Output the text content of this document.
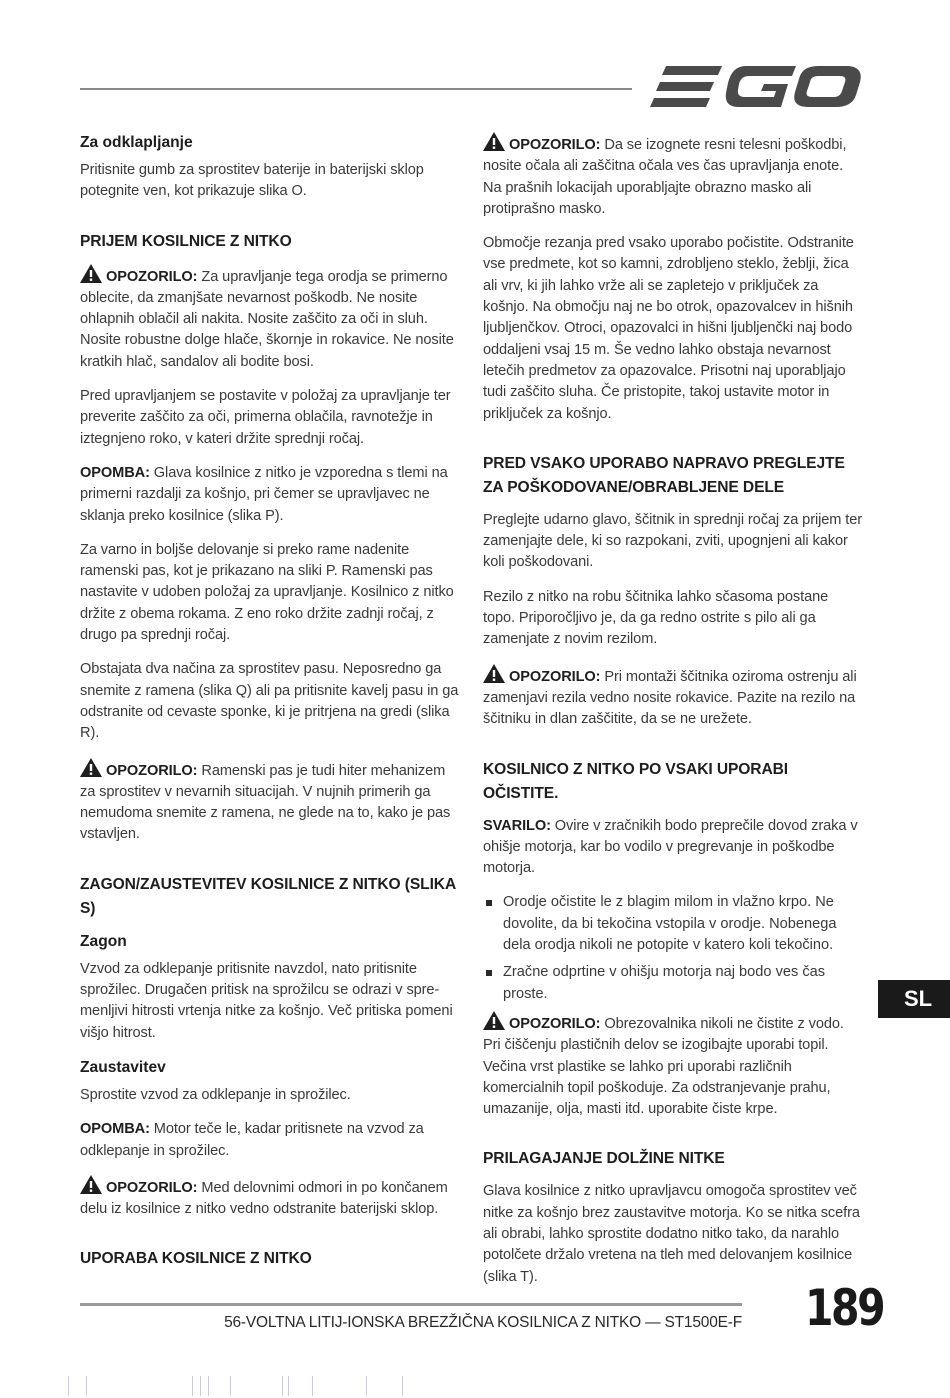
Za odklapljanje

Pritisnite gumb za sprostitev baterije in baterijski sklop potegnite ven, kot prikazuje slika O.

PRIJEM KOSILNICE Z NITKO

OPOZORILO: Za upravljanje tega orodja se primerno oblecite, da zmanjšate nevarnost poškodb. Ne nosite ohlapnih oblačil ali nakita. Nosite zaščito za oči in sluh. Nosite robustne dolge hlače, škornje in rokavice. Ne nosite kratkih hlač, sandalov ali bodite bosi.

Pred upravljanjem se postavite v položaj za upravljanje ter preverite zaščito za oči, primerna oblačila, ravnotežje in iztegnjeno roko, v kateri držite sprednji ročaj.

OPOMBA: Glava kosilnice z nitko je vzporedna s tlemi na primerni razdalji za košnjo, pri čemer se upravljavec ne sklanja preko kosilnice (slika P).

Za varno in boljše delovanje si preko rame nadenite ramenski pas, kot je prikazano na sliki P. Ramenski pas nastavite v udoben položaj za upravljanje. Kosilnico z nitko držite z obema rokama. Z eno roko držite zadnji ročaj, z drugo pa sprednji ročaj.

Obstajata dva načina za sprostitev pasu. Neposredno ga snemite z ramena (slika Q) ali pa pritisnite kavelj pasu in ga odstranite od cevaste sponke, ki je pritrjena na gredi (slika R).

OPOZORILO: Ramenski pas je tudi hiter mehanizem za sprostitev v nevarnih situacijah. V nujnih primerih ga nemudoma snemite z ramena, ne glede na to, kako je pas vstavljen.

ZAGON/ZAUSTEVITEV KOSILNICE Z NITKO (SLIKA S)
Zagon

Vzvod za odklepanje pritisnite navzdol, nato pritisnite sprožilec. Drugačen pritisk na sprožilcu se odrazi v spre-menljivi hitrosti vrtenja nitke za košnjo. Več pritiska pomeni višjo hitrost.

Zaustavitev

Sprostite vzvod za odklepanje in sprožilec.

OPOMBA: Motor teče le, kadar pritisnete na vzvod za odklepanje in sprožilec.

OPOZORILO: Med delovnimi odmori in po končanem delu iz kosilnice z nitko vedno odstranite baterijski sklop.

UPORABA KOSILNICE Z NITKO

OPOZORILO: Da se izognete resni telesni poškodbi, nosite očala ali zaščitna očala ves čas upravljanja enote. Na prašnih lokacijah uporabljajte obrazno masko ali protiprašno masko.

Območje rezanja pred vsako uporabo počistite. Odstranite vse predmete, kot so kamni, zdrobljeno steklo, žeblji, žica ali vrv, ki jih lahko vrže ali se zapletejo v priključek za košnjo. Na območju naj ne bo otrok, opazovalcev in hišnih ljubljenčkov. Otroci, opazovalci in hišni ljubljenčki naj bodo oddaljeni vsaj 15 m. Še vedno lahko obstaja nevarnost letečih predmetov za opazovalce. Prisotni naj uporabljajo tudi zaščito sluha. Če pristopite, takoj ustavite motor in priključek za košnjo.

PRED VSAKO UPORABO NAPRAVO PREGLEJTE ZA POŠKODOVANE/OBRABLJENE DELE

Preglejte udarno glavo, ščitnik in sprednji ročaj za prijem ter zamenjajte dele, ki so razpokani, zviti, upognjeni ali kakor koli poškodovani.

Rezilo z nitko na robu ščitnika lahko sčasoma postane topo. Priporočljivo je, da ga redno ostrite s pilo ali ga zamenjate z novim rezilom.

OPOZORILO: Pri montaži ščitnika oziroma ostrenju ali zamenjavi rezila vedno nosite rokavice. Pazite na rezilo na ščitniku in dlan zaščitite, da se ne urežete.

KOSILNICO Z NITKO PO VSAKI UPORABI OČISTITE.

SVARILO: Ovire v zračnikih bodo preprečile dovod zraka v ohišje motorja, kar bo vodilo v pregrevanje in poškodbe motorja.

Orodje očistite le z blagim milom in vlažno krpo. Ne dovolite, da bi tekočina vstopila v orodje. Nobenega dela orodja nikoli ne potopite v katero koli tekočino.
Zračne odprtine v ohišju motorja naj bodo ves čas proste.

OPOZORILO: Obrezovalnika nikoli ne čistite z vodo. Pri čiščenju plastičnih delov se izogibajte uporabi topil. Večina vrst plastike se lahko pri uporabi različnih komercialnih topil poškoduje. Za odstranjevanje prahu, umazanije, olja, masti itd. uporabite čiste krpe.

PRILAGAJANJE DOLŽINE NITKE

Glava kosilnice z nitko upravljavcu omogoča sprostitev več nitke za košnjo brez zaustavitve motorja. Ko se nitka scefra ali obrabi, lahko sprostite dodatno nitko tako, da narahlo potolčete držalo vretena na tleh med delovanjem kosilnice (slika T).

SL
56-VOLTNA LITIJ-IONSKA BREZŽIČNA KOSILNICA Z NITKO — ST1500E-F 189
